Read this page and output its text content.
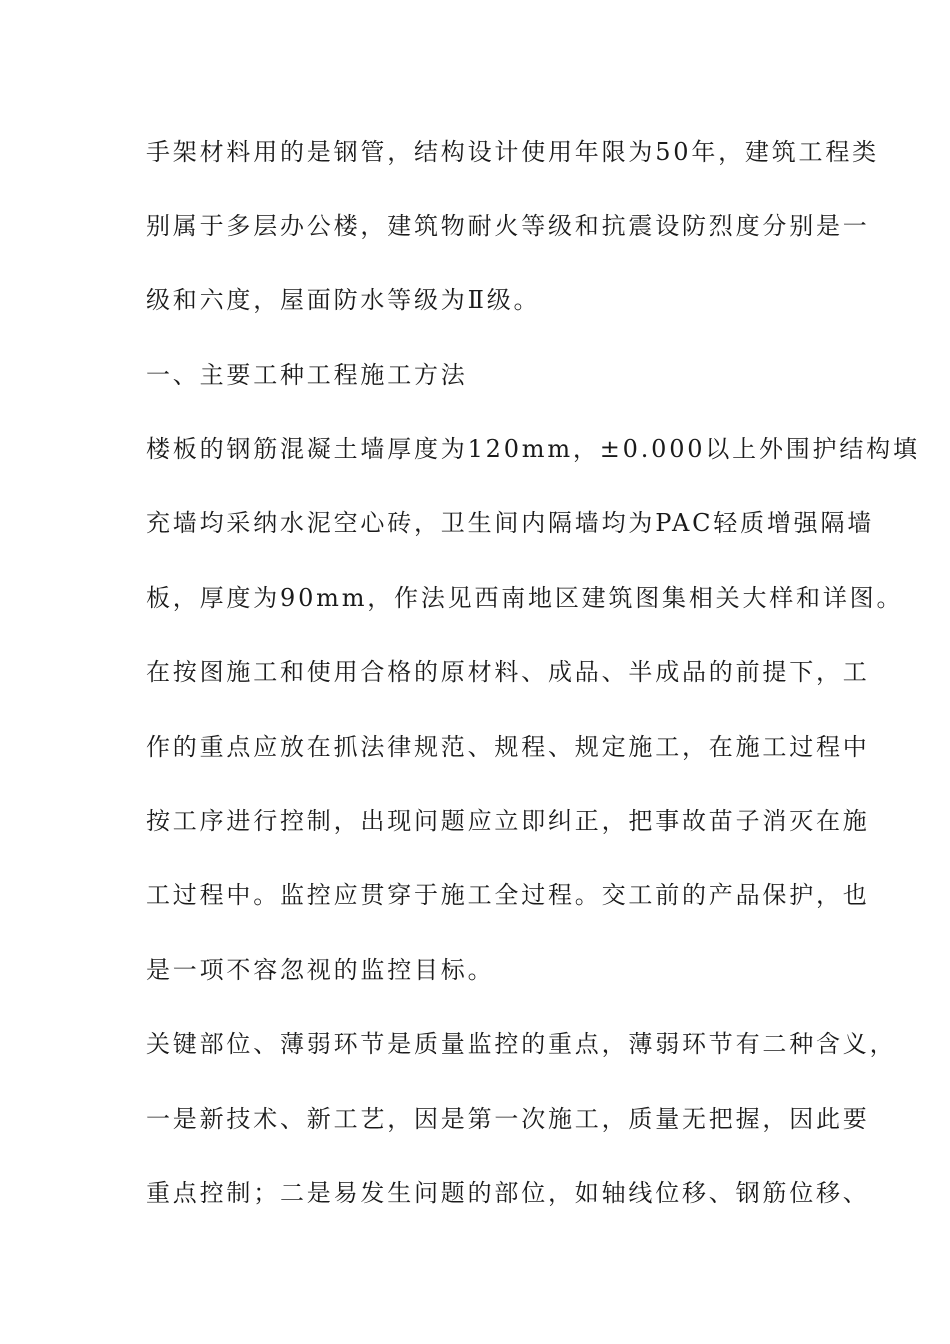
手架材料用的是钢管，结构设计使用年限为50年，建筑工程类
别属于多层办公楼，建筑物耐火等级和抗震设防烈度分别是一
级和六度，屋面防水等级为Ⅱ级。
一、主要工种工程施工方法
楼板的钢筋混凝土墙厚度为120mm，±0.000以上外围护结构填
充墙均采纳水泥空心砖，卫生间内隔墙均为PAC轻质增强隔墙
板，厚度为90mm，作法见西南地区建筑图集相关大样和详图。
在按图施工和使用合格的原材料、成品、半成品的前提下，工
作的重点应放在抓法律规范、规程、规定施工，在施工过程中
按工序进行控制，出现问题应立即纠正，把事故苗子消灭在施
工过程中。监控应贯穿于施工全过程。交工前的产品保护，也
是一项不容忽视的监控目标。
关键部位、薄弱环节是质量监控的重点，薄弱环节有二种含义，
一是新技术、新工艺，因是第一次施工，质量无把握，因此要
重点控制；二是易发生问题的部位，如轴线位移、钢筋位移、
